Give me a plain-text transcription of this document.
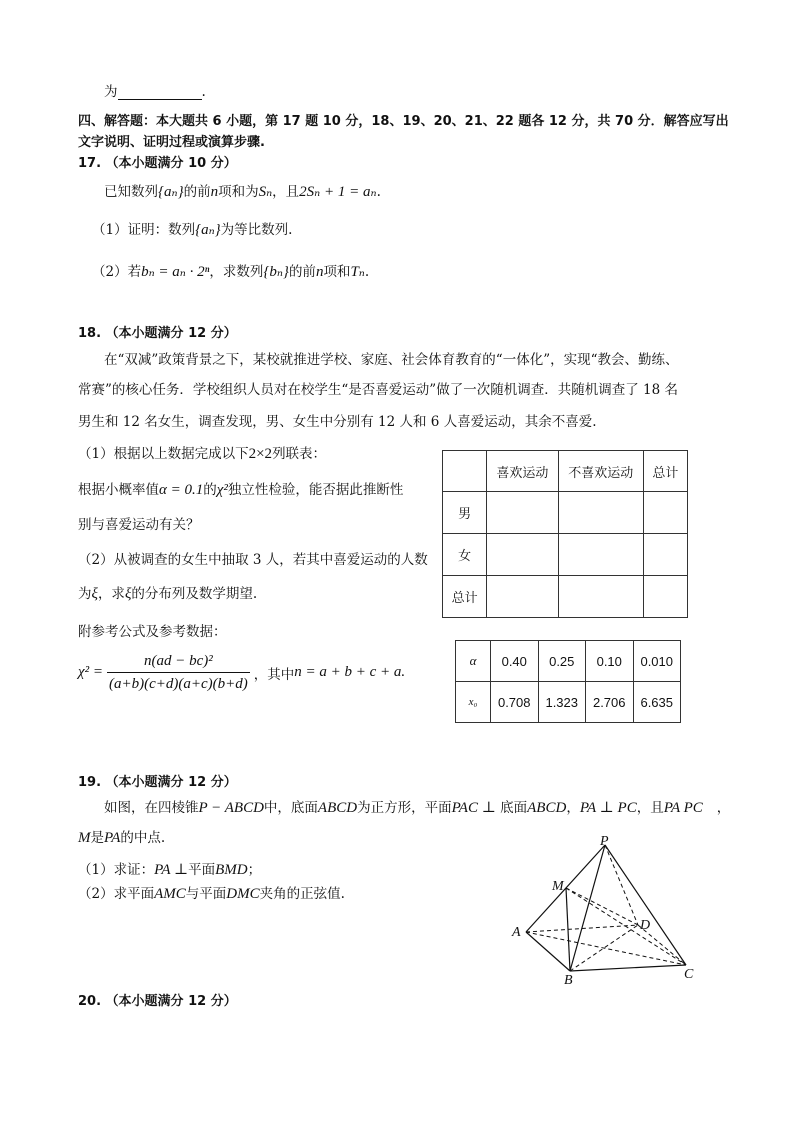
为	.
四、解答题：本大题共 6 小题，第 17 题 10 分，18、19、20、21、22 题各 12 分，共 70 分．解答应写出
文字说明、证明过程或演算步骤.
17. （本小题满分 10 分）
已知数列{aₙ}的前n项和为Sₙ，且2Sₙ + 1 = aₙ.
（1）证明：数列{aₙ}为等比数列.
（2）若bₙ = aₙ · 2ⁿ，求数列{bₙ}的前n项和Tₙ.
18. （本小题满分 12 分）
在“双减”政策背景之下，某校就推进学校、家庭、社会体育教育的“一体化”，实现“教会、勤练、
常赛”的核心任务．学校组织人员对在校学生“是否喜爱运动”做了一次随机调查．共随机调查了 18 名
男生和 12 名女生，调查发现，男、女生中分别有 12 人和 6 人喜爱运动，其余不喜爱.
（1）根据以上数据完成以下2×2列联表：
根据小概率值α = 0.1的χ²独立性检验，能否据此推断性
别与喜爱运动有关？
（2）从被调查的女生中抽取 3 人，若其中喜爱运动的人数
为ξ，求ξ的分布列及数学期望.
附参考公式及参考数据：
$\chi^2 = \frac{\text{n(ad − bc)²}}{(a+b)(c+d)(a+c)(b+d)}$ ，其中 n = a + b + c + a.
	喜欢运动	不喜欢运动	总计
男			
女			
总计			
α	0.40	0.25	0.10	0.010
x₀	0.708	1.323	2.706	6.635
19. （本小题满分 12 分）
如图，在四棱锥P − ABCD中，底面ABCD为正方形，平面PAC ⊥ 底面ABCD，PA ⊥ PC，且PA PC ，
M是PA的中点.
（1）求证：PA ⊥平面BMD；
（2）求平面AMC与平面DMC夹角的正弦值.
P
M
A	D
B	C
20. （本小题满分 12 分）
